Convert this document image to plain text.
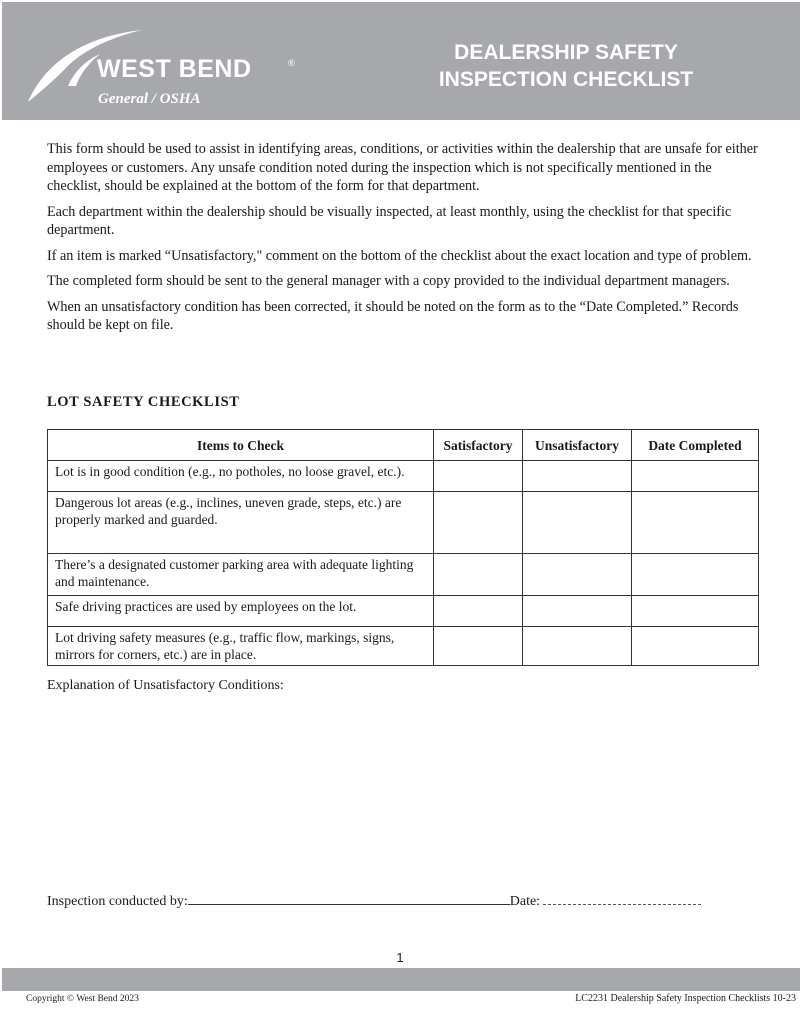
WEST BEND	®
General / OSHA
DEALERSHIP SAFETY
INSPECTION CHECKLIST

This form should be used to assist in identifying areas, conditions, or activities within the dealership that are unsafe for either employees or customers. Any unsafe condition noted during the inspection which is not specifically mentioned in the checklist, should be explained at the bottom of the form for that department.

Each department within the dealership should be visually inspected, at least monthly, using the checklist for that specific department.

If an item is marked “Unsatisfactory," comment on the bottom of the checklist about the exact location and type of problem.

The completed form should be sent to the general manager with a copy provided to the individual department managers.

When an unsatisfactory condition has been corrected, it should be noted on the form as to the “Date Completed.” Records should be kept on file.

LOT SAFETY CHECKLIST
Items to Check	Satisfactory	Unsatisfactory	Date Completed
Lot is in good condition (e.g., no potholes, no loose gravel, etc.).			
Dangerous lot areas (e.g., inclines, uneven grade, steps, etc.) are properly marked and guarded.			
There’s a designated customer parking area with adequate lighting and maintenance.			
Safe driving practices are used by employees on the lot.			
Lot driving safety measures (e.g., traffic flow, markings, signs, mirrors for corners, etc.) are in place.			

Explanation of Unsatisfactory Conditions:

Inspection conducted by:	Date:
1
Copyright © West Bend 2023	LC2231 Dealership Safety Inspection Checklists 10-23
